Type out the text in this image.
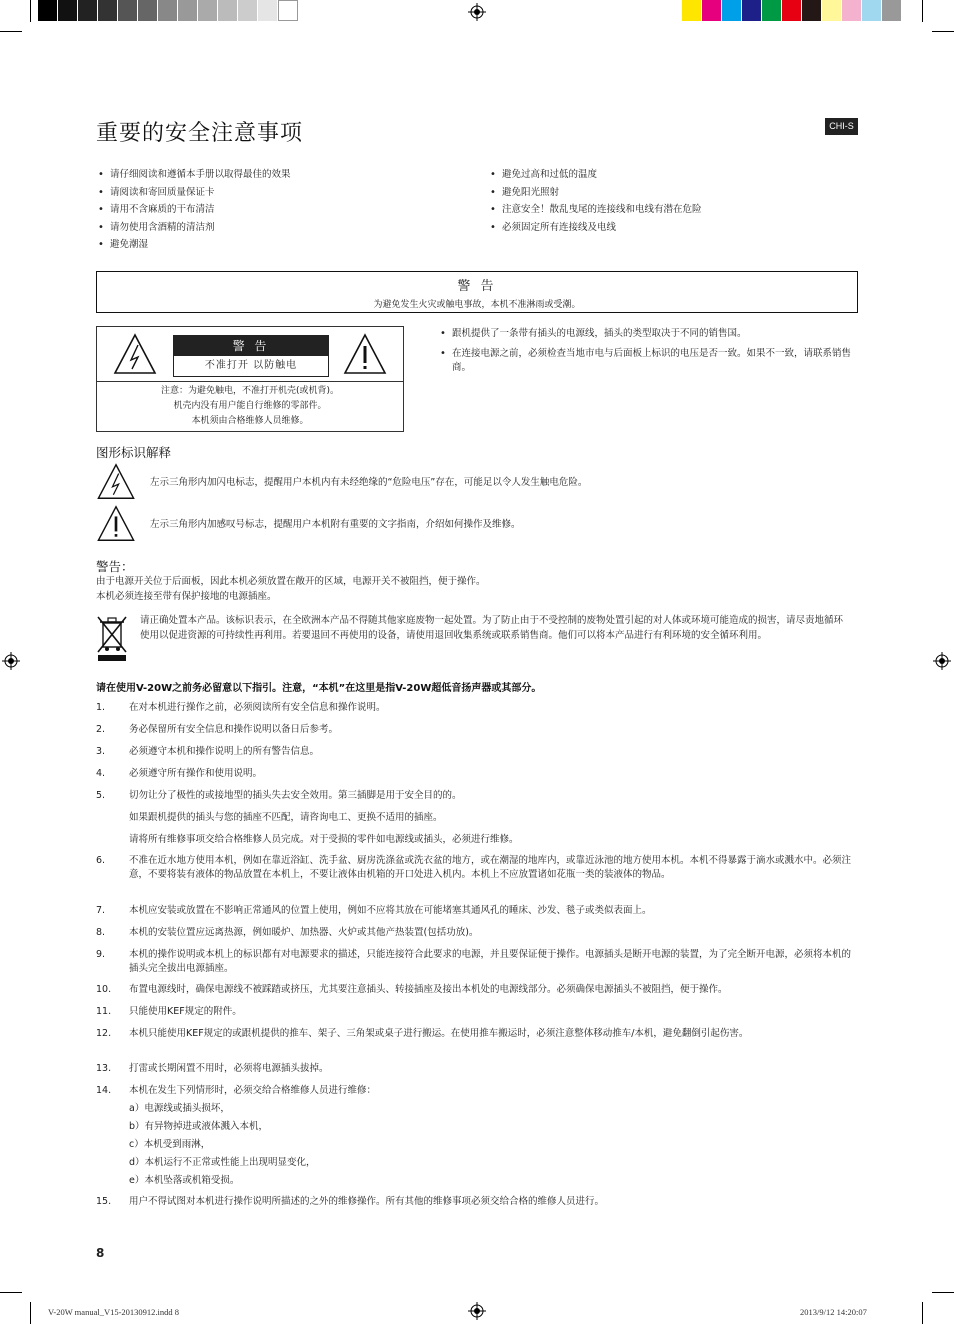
重要的安全注意事项	CHI-S
• 请仔细阅读和遵循本手册以取得最佳的效果
• 请阅读和寄回质量保证卡
• 请用不含麻质的干布清洁
• 请勿使用含酒精的清洁剂
• 避免潮湿
• 避免过高和过低的温度
• 避免阳光照射
• 注意安全！散乱曳尾的连接线和电线有潜在危险
• 必须固定所有连接线及电线
警 告
为避免发生火灾或触电事故，本机不准淋雨或受潮。
警 告
不准打开 以防触电
注意：为避免触电，不准打开机壳(或机背)。
机壳内没有用户能自行维修的零部件。
本机须由合格维修人员维修。
• 跟机提供了一条带有插头的电源线，插头的类型取决于不同的销售国。
• 在连接电源之前，必须检查当地市电与后面板上标识的电压是否一致。如果不一致，请联系销售商。
图形标识解释
左示三角形内加闪电标志，提醒用户本机内有未经绝缘的“危险电压”存在，可能足以令人发生触电危险。
左示三角形内加感叹号标志，提醒用户本机附有重要的文字指南，介绍如何操作及维修。
警告：
由于电源开关位于后面板，因此本机必须放置在敞开的区域，电源开关不被阻挡，便于操作。
本机必须连接至带有保护接地的电源插座。
请正确处置本产品。该标识表示，在全欧洲本产品不得随其他家庭废物一起处置。为了防止由于不受控制的废物处置引起的对人体或环境可能造成的损害，请尽责地循环使用以促进资源的可持续性再利用。若要退回不再使用的设备，请使用退回收集系统或联系销售商。他们可以将本产品进行有利环境的安全循环利用。
请在使用V-20W之前务必留意以下指引。注意，“本机”在这里是指V-20W超低音扬声器或其部分。
1.	在对本机进行操作之前，必须阅读所有安全信息和操作说明。
2.	务必保留所有安全信息和操作说明以备日后参考。
3.	必须遵守本机和操作说明上的所有警告信息。
4.	必须遵守所有操作和使用说明。
5.	切勿让分了极性的或接地型的插头失去安全效用。第三插脚是用于安全目的的。
如果跟机提供的插头与您的插座不匹配，请咨询电工、更换不适用的插座。
请将所有维修事项交给合格维修人员完成。对于受损的零件如电源线或插头，必须进行维修。
6.	不准在近水地方使用本机，例如在靠近浴缸、洗手盆、厨房洗涤盆或洗衣盆的地方，或在潮湿的地库内，或靠近泳池的地方使用本机。本机不得暴露于滴水或溅水中。必须注意，不要将装有液体的物品放置在本机上，不要让液体由机箱的开口处进入机内。本机上不应放置诸如花瓶一类的装液体的物品。
7.	本机应安装或放置在不影响正常通风的位置上使用，例如不应将其放在可能堵塞其通风孔的睡床、沙发、毯子或类似表面上。
8.	本机的安装位置应远离热源，例如暖炉、加热器、火炉或其他产热装置(包括功放)。
9.	本机的操作说明或本机上的标识都有对电源要求的描述，只能连接符合此要求的电源，并且要保证便于操作。电源插头是断开电源的装置，为了完全断开电源，必须将本机的插头完全拔出电源插座。
10. 布置电源线时，确保电源线不被踩踏或挤压，尤其要注意插头、转接插座及接出本机处的电源线部分。必须确保电源插头不被阻挡，便于操作。
11. 只能使用KEF规定的附件。
12. 本机只能使用KEF规定的或跟机提供的推车、架子、三角架或桌子进行搬运。在使用推车搬运时，必须注意整体移动推车/本机，避免翻倒引起伤害。
13. 打雷或长期闲置不用时，必须将电源插头拔掉。
14. 本机在发生下列情形时，必须交给合格维修人员进行维修：
a）电源线或插头损坏，
b）有异物掉进或液体溅入本机，
c）本机受到雨淋，
d）本机运行不正常或性能上出现明显变化，
e）本机坠落或机箱受损。
15. 用户不得试图对本机进行操作说明所描述的之外的维修操作。所有其他的维修事项必须交给合格的维修人员进行。
8
V-20W manual_V15-20130912.indd 8	2013/9/12 14:20:07
